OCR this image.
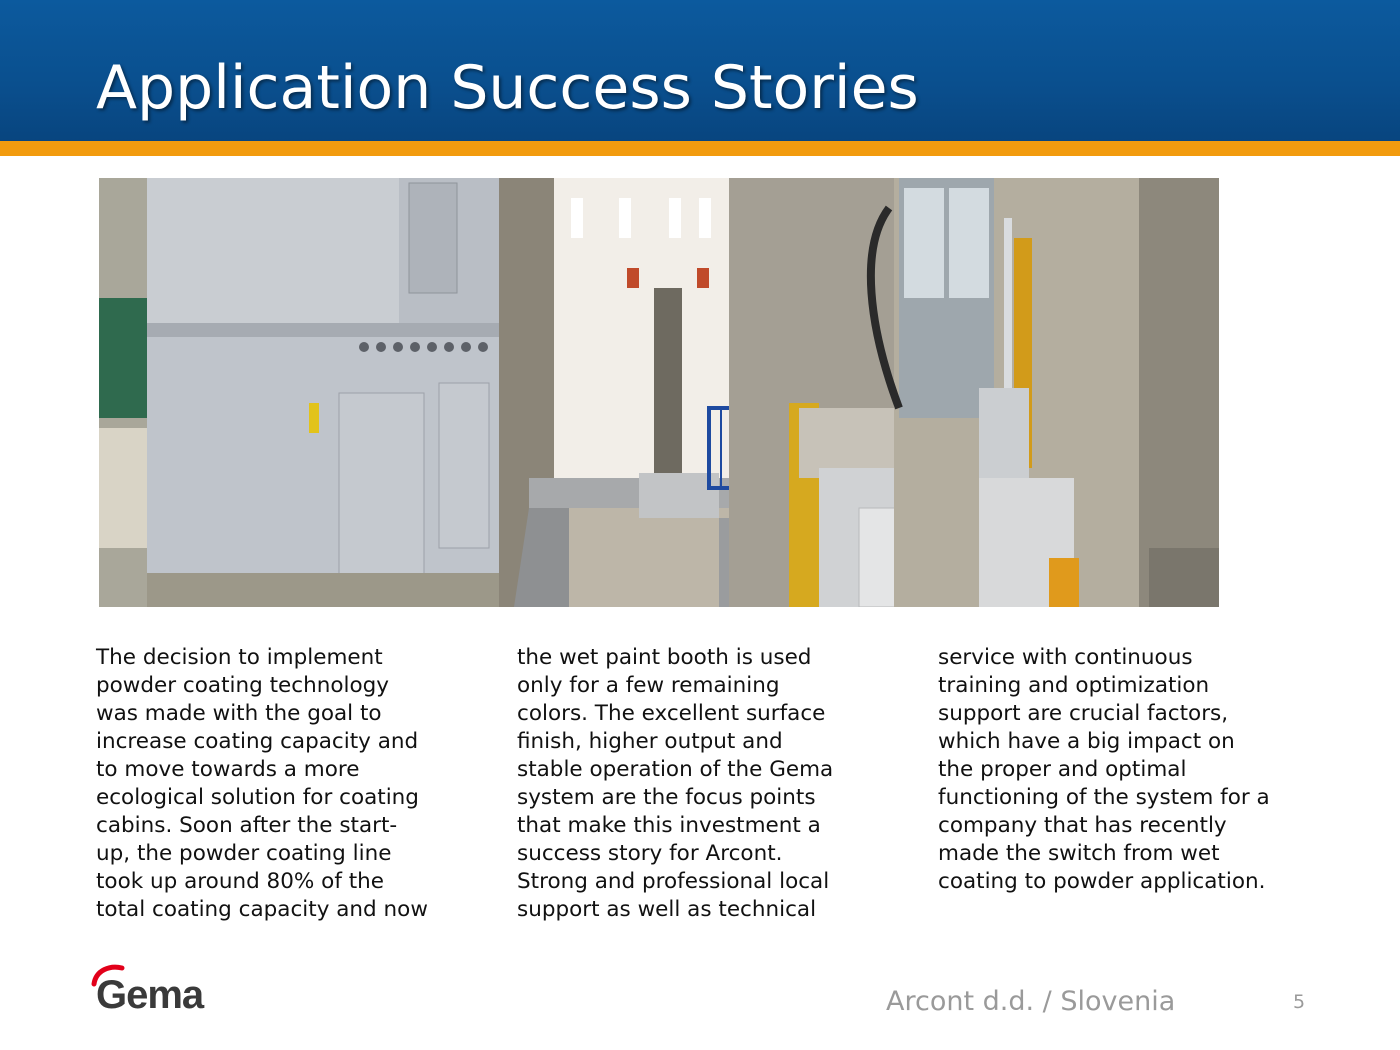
Application Success Stories
The decision to implement
powder coating technology
was made with the goal to
increase coating capacity and
to move towards a more
ecological solution for coating
cabins. Soon after the start-
up, the powder coating line
took up around 80% of the
total coating capacity and now
the wet paint booth is used
only for a few remaining
colors. The excellent surface
finish, higher output and
stable operation of the Gema
system are the focus points
that make this investment a
success story for Arcont.
Strong and professional local
support as well as technical
service with continuous
training and optimization
support are crucial factors,
which have a big impact on
the proper and optimal
functioning of the system for a
company that has recently
made the switch from wet
coating to powder application.
Gema	Arcont d.d. / Slovenia	5
